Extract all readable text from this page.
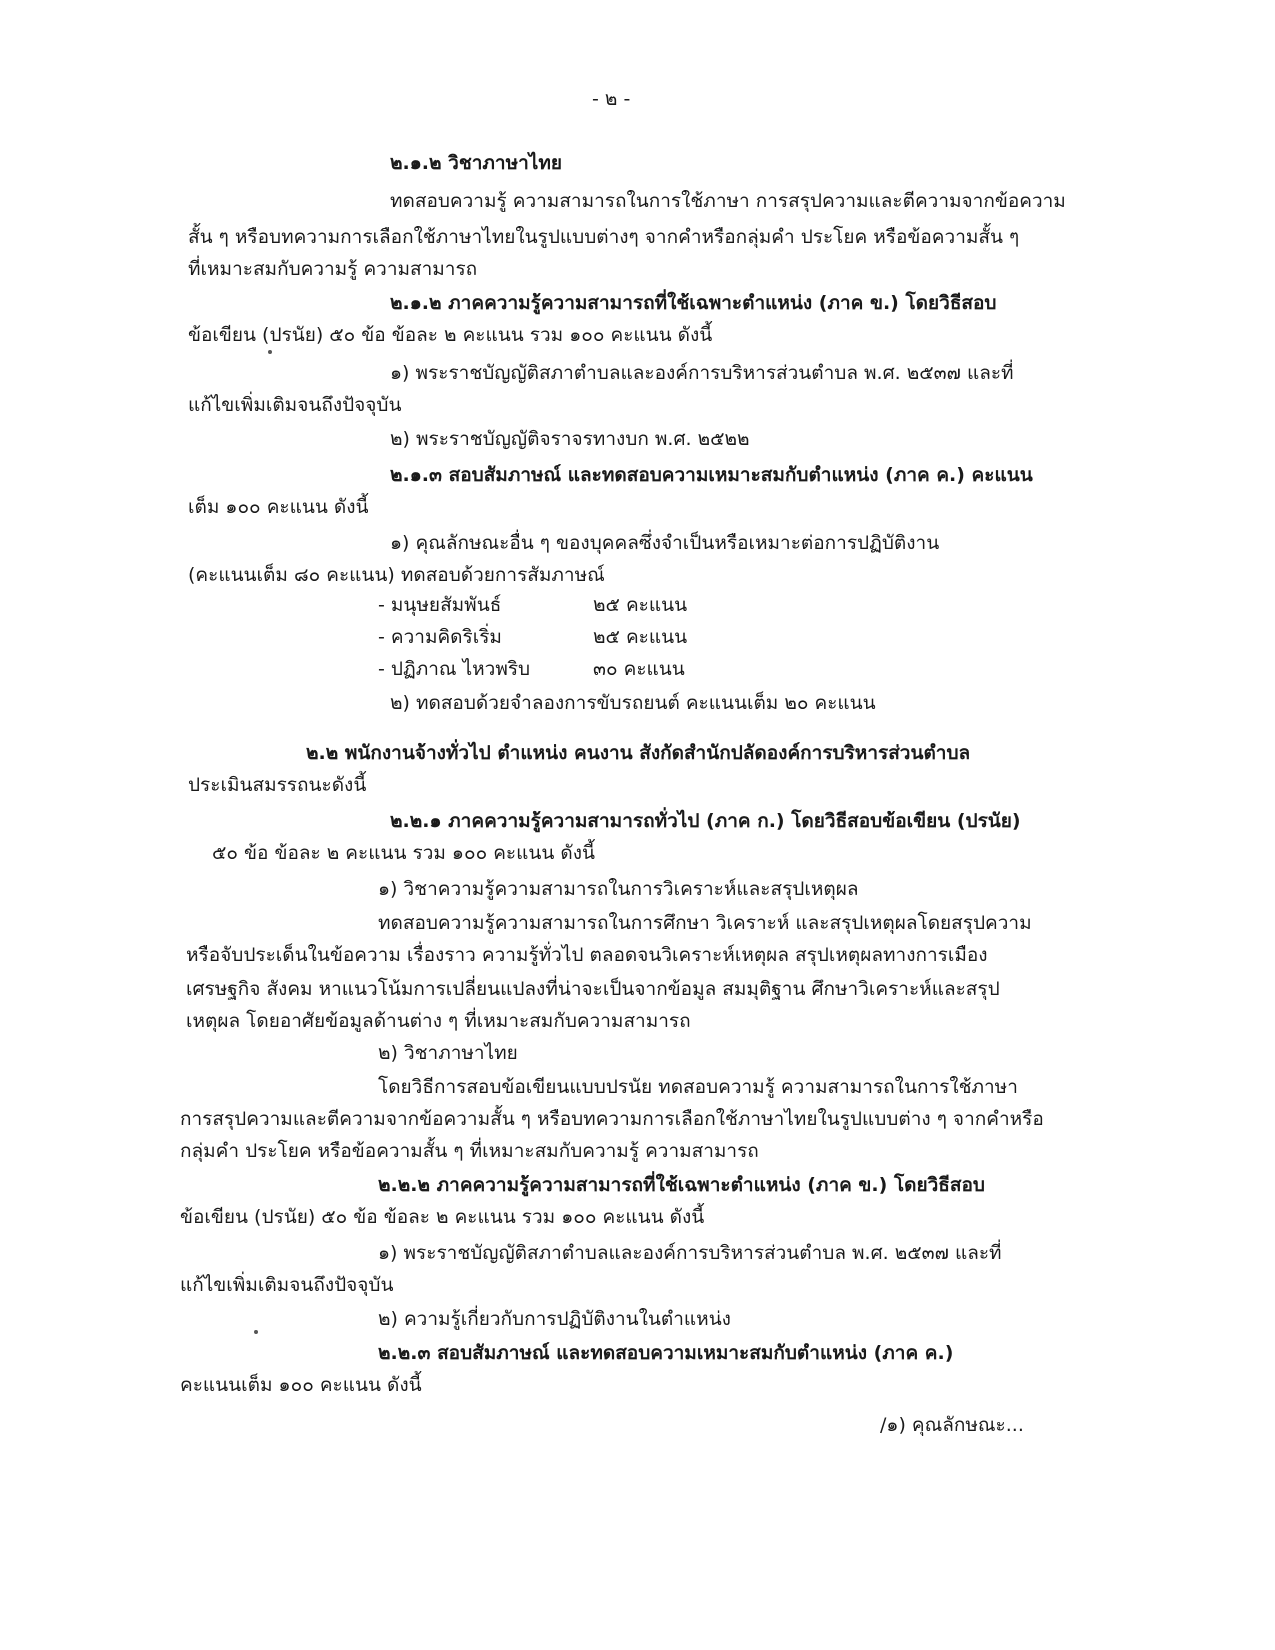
- ๒ -
๒.๑.๒ วิชาภาษาไทย
ทดสอบความรู้ ความสามารถในการใช้ภาษา การสรุปความและตีความจากข้อความ
สั้น ๆ หรือบทความการเลือกใช้ภาษาไทยในรูปแบบต่างๆ จากคำหรือกลุ่มคำ ประโยค หรือข้อความสั้น ๆ
ที่เหมาะสมกับความรู้ ความสามารถ
๒.๑.๒ ภาคความรู้ความสามารถที่ใช้เฉพาะตำแหน่ง (ภาค ข.) โดยวิธีสอบ
ข้อเขียน (ปรนัย) ๕๐ ข้อ ข้อละ ๒ คะแนน รวม ๑๐๐ คะแนน ดังนี้
๑) พระราชบัญญัติสภาตำบลและองค์การบริหารส่วนตำบล พ.ศ. ๒๕๓๗ และที่
แก้ไขเพิ่มเติมจนถึงปัจจุบัน
๒) พระราชบัญญัติจราจรทางบก พ.ศ. ๒๕๒๒
๒.๑.๓ สอบสัมภาษณ์ และทดสอบความเหมาะสมกับตำแหน่ง (ภาค ค.) คะแนน
เต็ม ๑๐๐ คะแนน ดังนี้
๑) คุณลักษณะอื่น ๆ ของบุคคลซึ่งจำเป็นหรือเหมาะต่อการปฏิบัติงาน
(คะแนนเต็ม ๘๐ คะแนน) ทดสอบด้วยการสัมภาษณ์
- มนุษยสัมพันธ์	๒๕ คะแนน
- ความคิดริเริ่ม	๒๕ คะแนน
- ปฏิภาณ ไหวพริบ	๓๐ คะแนน
๒) ทดสอบด้วยจำลองการขับรถยนต์ คะแนนเต็ม ๒๐ คะแนน
๒.๒ พนักงานจ้างทั่วไป ตำแหน่ง คนงาน สังกัดสำนักปลัดองค์การบริหารส่วนตำบล
ประเมินสมรรถนะดังนี้
๒.๒.๑ ภาคความรู้ความสามารถทั่วไป (ภาค ก.) โดยวิธีสอบข้อเขียน (ปรนัย)
๕๐ ข้อ ข้อละ ๒ คะแนน รวม ๑๐๐ คะแนน ดังนี้
๑) วิชาความรู้ความสามารถในการวิเคราะห์และสรุปเหตุผล
ทดสอบความรู้ความสามารถในการศึกษา วิเคราะห์ และสรุปเหตุผลโดยสรุปความ
หรือจับประเด็นในข้อความ เรื่องราว ความรู้ทั่วไป ตลอดจนวิเคราะห์เหตุผล สรุปเหตุผลทางการเมือง
เศรษฐกิจ สังคม หาแนวโน้มการเปลี่ยนแปลงที่น่าจะเป็นจากข้อมูล สมมุติฐาน ศึกษาวิเคราะห์และสรุป
เหตุผล โดยอาศัยข้อมูลด้านต่าง ๆ ที่เหมาะสมกับความสามารถ
๒) วิชาภาษาไทย
โดยวิธีการสอบข้อเขียนแบบปรนัย ทดสอบความรู้ ความสามารถในการใช้ภาษา
การสรุปความและตีความจากข้อความสั้น ๆ หรือบทความการเลือกใช้ภาษาไทยในรูปแบบต่าง ๆ จากคำหรือ
กลุ่มคำ ประโยค หรือข้อความสั้น ๆ ที่เหมาะสมกับความรู้ ความสามารถ
๒.๒.๒ ภาคความรู้ความสามารถที่ใช้เฉพาะตำแหน่ง (ภาค ข.) โดยวิธีสอบ
ข้อเขียน (ปรนัย) ๕๐ ข้อ ข้อละ ๒ คะแนน รวม ๑๐๐ คะแนน ดังนี้
๑) พระราชบัญญัติสภาตำบลและองค์การบริหารส่วนตำบล พ.ศ. ๒๕๓๗ และที่
แก้ไขเพิ่มเติมจนถึงปัจจุบัน
๒) ความรู้เกี่ยวกับการปฏิบัติงานในตำแหน่ง
๒.๒.๓ สอบสัมภาษณ์ และทดสอบความเหมาะสมกับตำแหน่ง (ภาค ค.)
คะแนนเต็ม ๑๐๐ คะแนน ดังนี้
/๑) คุณลักษณะ...
